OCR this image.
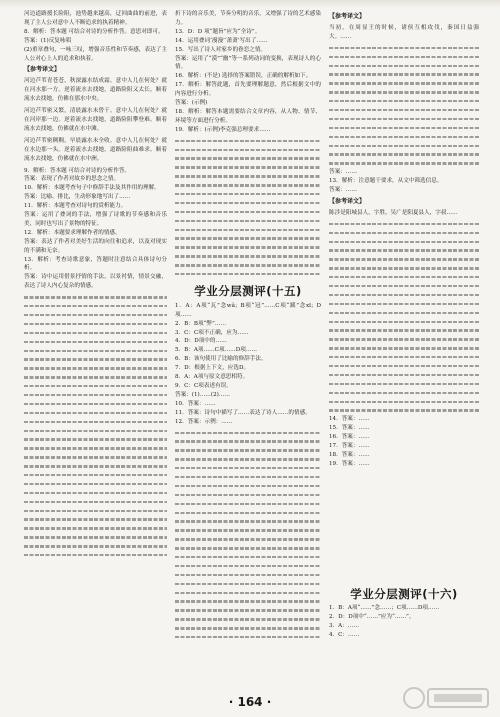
河边道路援长险阻，池势越来越高，迂回曲曲的前进，表现了主人公对意中人不断追求的执着精神。

8．解析：答本题 可结合对诗的分析作答。意思对即可。

答案：(1)反复咏唱

(2)重章叠句，一咏三叹，增强音乐性和节奏感，表达了主人公对心上人的追求和执着。

【参考译文】

河边芦苇青苍苍，秋深露水结成霜。意中人儿在何处？就在河水那一方。逆着流水去找她，道路险阻又太长。顺着流水去找她，仿佛在那水中央。

河边芦苇密又繁，清晨露水未曾干。意中人儿在何处？就在河岸那一边。逆着流水去找她，道路险阻攀登难。顺着流水去找她，仿佛就在水中滩。

河边芦苇密稠稠，早晨露水未全收。意中人儿在何处？就在水边那一头。逆着流水去找她，道路险阻曲难求。顺着流水去找她，仿佛就在水中洲。

9．解析：答本题 可结合对诗的分析作答。

答案：表现了作者对故乡的思念之情。

10．解析：本题考查句子中修辞手法及其作用的理解。

答案：比喻、排比，生动形象地写出了……

11．解析：本题考查对诗句的赏析能力。

答案：运用了叠词的手法，增强了诗歌的节奏感和音乐美，同时也写出了景物的特征。

12．解析：本题要求理解作者的情感。

答案：表达了作者对美好生活的向往和追求，以及对现实的不满和无奈。

13．解析：考查诗歌意象，答题时注意结合具体诗句分析。

答案：诗中运用借景抒情的手法，以景衬情，情景交融，表达了诗人内心复杂的情感。

折下诗的音乐美，节奏分明的音乐，又增强了诗的艺术感染力。

13．D：D 项“题旨”应为“全诗”。

14．运用叠词‘漫漫’‘萧萧’写出了……

15．写出了诗人对家乡的眷恋之情。

答案：运用了“漠”“幽”等一系列动词的变换，表现诗人的心情。

16．解析：(不是) 选择的答案错误，正确的解析如下。

17．解析：解答此题，首先要理解题意，然后根据文中的内容进行分析。

答案：(示例)

18．解析：解答本题需要结合文章内容，从人物、情节、环境等方面进行分析。

19．解析：(示例)李克强总理要求……

学业分层测评(十五)

1．A：A项“瓦”念wǎ；B项“冠”……C项“蹊”念xī；D项……

2．B：B项“弊”……

3．C：C项不正确，应为……

4．D：D项中的……

5．B：A项……C项……D项……

6．B：该句使用了比喻的修辞手法。

7．D：根据上下文，应选D。

8．A：A项与原文意思相符。

9．C：C项表述有误。

答案：(1)……(2)……

10．答案：……

11．答案：诗句中描写了……表达了诗人……的情感。

12．答案：示例：……

【参考译文】

当初，在周显王的时候，诸侯互相攻伐，秦国日益强大。……

答案：……

13．解析：注意题干要求，从文中筛选信息。

答案：……

【参考译文】

陈涉是阳城县人，字胜。吴广是阳夏县人，字叔……

14．答案：……

15．答案：……

16．答案：……

17．答案：……

18．答案：……

19．答案：……

学业分层测评(十六)

1．B：A项“……”念……；C项……D项……

2．D：D项中“……”应为“……”。

3．A：……

4．C：……

· 164 ·
